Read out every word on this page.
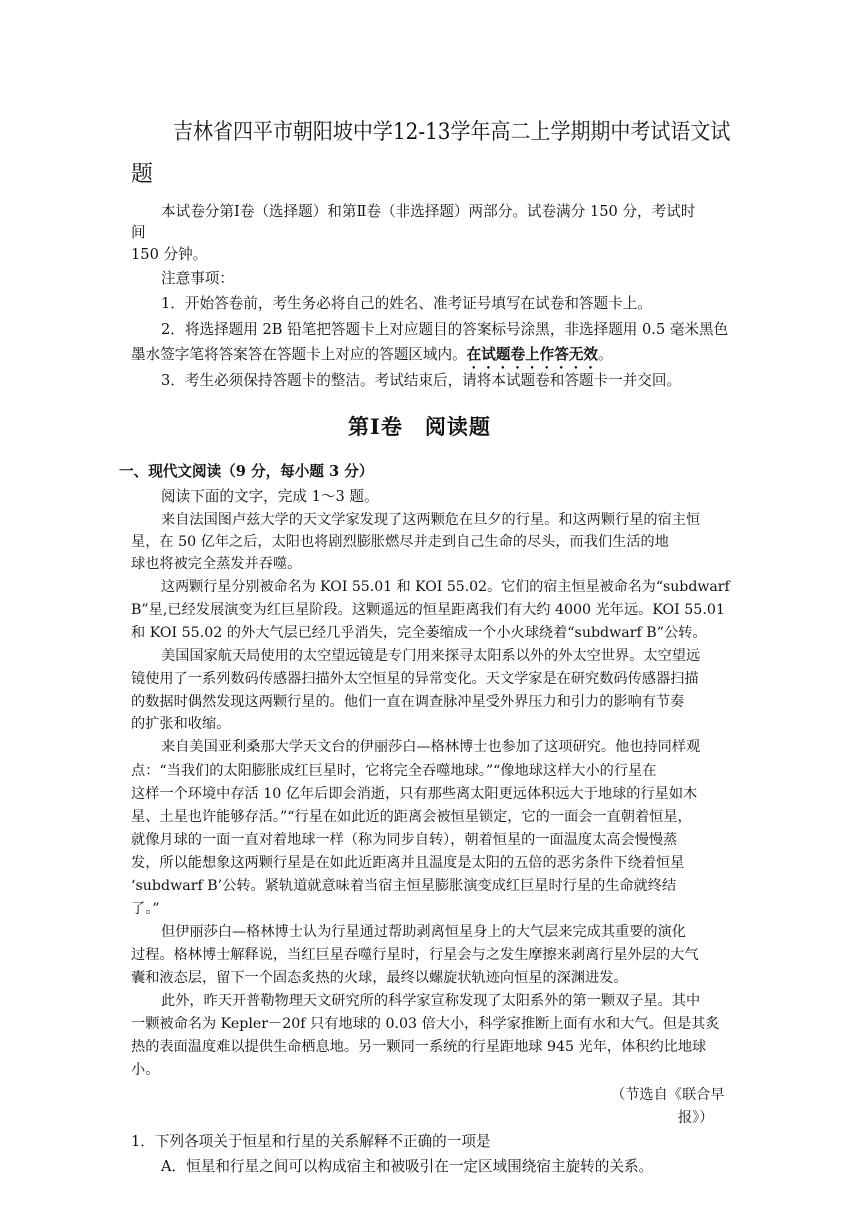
吉林省四平市朝阳坡中学12-13学年高二上学期期中考试语文试
题
本试卷分第Ⅰ卷（选择题）和第Ⅱ卷（非选择题）两部分。试卷满分 150 分，考试时
间
150 分钟。
注意事项：
1．开始答卷前，考生务必将自己的姓名、准考证号填写在试卷和答题卡上。
2．将选择题用 2B 铅笔把答题卡上对应题目的答案标号涂黑，非选择题用 0.5 毫米黑色
墨水签字笔将答案答在答题卡上对应的答题区域内。在试题卷上作答无效。
3．考生必须保持答题卡的整洁。考试结束后，请将本试题卷和答题卡一并交回。
第Ⅰ卷　阅读题
一、现代文阅读（9 分，每小题 3 分）
阅读下面的文字，完成 1～3 题。
来自法国图卢兹大学的天文学家发现了这两颗危在旦夕的行星。和这两颗行星的宿主恒
星，在 50 亿年之后，太阳也将剧烈膨胀燃尽并走到自己生命的尽头，而我们生活的地
球也将被完全蒸发并吞噬。
这两颗行星分别被命名为 KOI 55.01 和 KOI 55.02。它们的宿主恒星被命名为“subdwarf
B”星,已经发展演变为红巨星阶段。这颗遥远的恒星距离我们有大约 4000 光年远。KOI 55.01
和 KOI 55.02 的外大气层已经几乎消失，完全萎缩成一个小火球绕着“subdwarf B”公转。
美国国家航天局使用的太空望远镜是专门用来探寻太阳系以外的外太空世界。太空望远
镜使用了一系列数码传感器扫描外太空恒星的异常变化。天文学家是在研究数码传感器扫描
的数据时偶然发现这两颗行星的。他们一直在调查脉冲星受外界压力和引力的影响有节奏
的扩张和收缩。
来自美国亚利桑那大学天文台的伊丽莎白—格林博士也参加了这项研究。他也持同样观
点：“当我们的太阳膨胀成红巨星时，它将完全吞噬地球。”“像地球这样大小的行星在
这样一个环境中存活 10 亿年后即会消逝，只有那些离太阳更远体积远大于地球的行星如木
星、土星也许能够存活。”“行星在如此近的距离会被恒星锁定，它的一面会一直朝着恒星，
就像月球的一面一直对着地球一样（称为同步自转），朝着恒星的一面温度太高会慢慢蒸
发，所以能想象这两颗行星是在如此近距离并且温度是太阳的五倍的恶劣条件下绕着恒星
‘subdwarf B’公转。紧轨道就意味着当宿主恒星膨胀演变成红巨星时行星的生命就终结
了。”
但伊丽莎白—格林博士认为行星通过帮助剥离恒星身上的大气层来完成其重要的演化
过程。格林博士解释说，当红巨星吞噬行星时，行星会与之发生摩擦来剥离行星外层的大气
囊和液态层，留下一个固态炙热的火球，最终以螺旋状轨迹向恒星的深渊进发。
此外，昨天开普勒物理天文研究所的科学家宣称发现了太阳系外的第一颗双子星。其中
一颗被命名为 Kepler－20f 只有地球的 0.03 倍大小，科学家推断上面有水和大气。但是其炙
热的表面温度难以提供生命栖息地。另一颗同一系统的行星距地球 945 光年，体积约比地球
小。
（节选自《联合早
报》）
1．下列各项关于恒星和行星的关系解释不正确的一项是
A．恒星和行星之间可以构成宿主和被吸引在一定区域围绕宿主旋转的关系。
